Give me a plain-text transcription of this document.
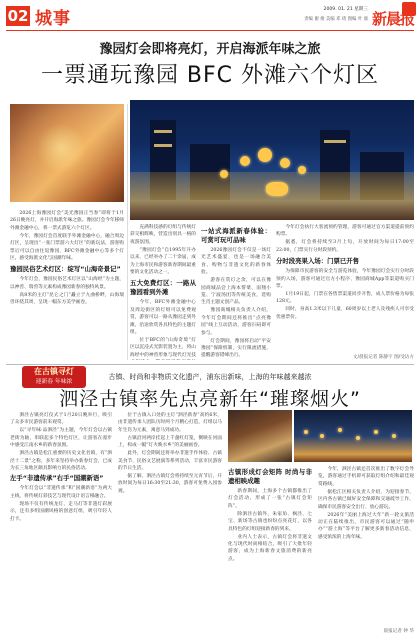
02 城事	2009. 01. 21 星期三
责编 谢 俊 美编 邓 琦 图编 叶 康 新晨报
豫园灯会即将亮灯，开启海派年味之旅
一票通玩豫园 BFC 外滩六个灯区

2026上海豫园灯会“美光豫园正当春”即将于1月26日晚亮灯，并开启海派年味之旅。豫园灯会今年移师外滩金融中心，将一票式游览六个灯区。

今年，豫园灯会首度联手外滩金融中心，融合周边灯区，呈现出“一张门票游六大灯区”的新玩法，游客购票后可以自由往返豫园、BFC外滩金融中心等多个灯区，感受海派文化与国潮年味。

豫园民俗艺术灯区：绽写“山海奇景记”

今年灯会，豫园民俗艺术灯区以“山海经”为主题，以神兽、瑞兽等元素构成豫园新春的独特风景。

高8米的主灯“昆仑之门”矗立于九曲桥畔，山海瑞兽环绕其周，呈现一幅东方美学画卷。

充满科技感的灯组与传统灯彩交相辉映，营造出别具一格的夜游氛围。

“豫园灯会”自1995年开办以来，已经举办了二十余届，成为上海市民和游客新春期间最重要的文化活动之一。

五大免费灯区：一路从豫园看到外滩

今年，BFC外滩金融中心及周边街区的灯组可以免费观赏，游客可以一路从豫园走到外滩，沿途欣赏各具特色的主题灯组。

位于BFC的“山海奇境”灯区以沉浸式光影装置为主，将山海经中的神兽形象与现代灯光技

一站式海派新春体验：可赏可玩可品味

2026豫园灯会不仅是一场灯光艺术盛宴，也是一场融合美食、购物与非遗文化的新春体验。

游客在赏灯之余，可以在豫园商城品尝上海本帮菜、南翔小笼、宁波汤团等传统美食，选购生肖主题文创产品。

豫园商城相关负责人介绍，今年灯会期间还将推出“点亮豫园”线上互动活动，游客扫码即可参与。

灯会期间，豫园将启动“平安豫园”保障机制，实行限流措施，提醒游客错峰出行。

今年灯会执行大客流预约管理，游客可通过官方渠道提前预约购票。

据悉，灯会将持续至3月上旬，开放时间为每日17:00至22:00，门票实行分时段预约。

分时段亮果入场：门票已开售

为保障市民游客的安全与游览体验，今年豫园灯会实行分时段预约入场，游客可通过官方小程序、豫园商城App等渠道购买门票。

1月19日起，门票在各售票渠道同步开售，成人票价格为每张128元。

同时，身高1.3米以下儿童、60周岁以上老人及残疾人可享受优惠票价。

文/晨报记者 陈静宇 图/受访方
在古镇寻灯
迎新春 年味浓
古镇、时尚和非物质文化遗产，浦东出新味，上海的年味越来越浓
泗泾古镇率先点亮新年“璀璨烟火”

泗泾古镇亮灯仪式于1月20日晚举行，吸引了众多市民游客前来观赏。

以“寻年味·品泗泾”为主题，今年灯会以古镇老街为轴，串联起多个特色灯区，让游客在漫步中感受江南水乡的新春氛围。

泗泾古镇是松江重要的历史文化名镇，有“泗泾十二景”之称，多年来坚持举办新春灯会，已成为长三角地区颇具影响力的民俗活动。

左手“非遗传承”右手“国潮新语”

今年灯会以“非遗传承”和“国潮新语”为两大主线，将传统灯彩技艺与现代设计语言相融合。

现场不仅有传统龙灯、走马灯等非遗灯彩展示，还有多组国潮风格的创意灯组，吸引年轻人打卡。

位于古镇入口处的主灯“泗泾新春”高约6米，由非遗传承人团队历时两个月精心打造，灯组以马年生肖为元素，寓意马到成功。

古镇沿河两岸挂起上千盏红灯笼，倒映在河面上，构成一幅“灯火映水乡”的美丽画卷。

此外，灯会期间还将举办非遗手作体验、古镇美食节、民俗文艺展演等系列活动，丰富市民游客的节日生活。

据了解，泗泾古镇灯会将持续至元宵节后，开放时间为每日16:30至21:30，游客可免费入园参观。

古镇形成灯会矩阵 时尚与非遗相映成趣

新春期间，上海多个古镇都推出了灯会活动，形成了一张“古镇灯会矩阵”。

除泗泾古镇外，朱家角、枫泾、七宝、新场等古镇也纷纷点亮花灯，以各具特色的灯组迎接新春的到来。

业内人士表示，古镇灯会将非遗文化与现代时尚相结合，吸引了大批年轻游客，成为上海新春文旅消费的新亮点。

今年，泗泾古镇还首次推出了数字灯会导览，游客通过手机即可获取灯组介绍和最佳观赏路线。

据松江区相关负责人介绍，为迎接春节，区内各古镇已做好安全保障和交通疏导工作，确保市民游客安全出行、放心游玩。

2026年“美丽上海过大年”新一轮文旅活动正在陆续推出，市民游客可以通过“随申办”“游上海”等平台了解更多新春活动信息，感受浓浓的上海年味。

晨报记者 钟 华
